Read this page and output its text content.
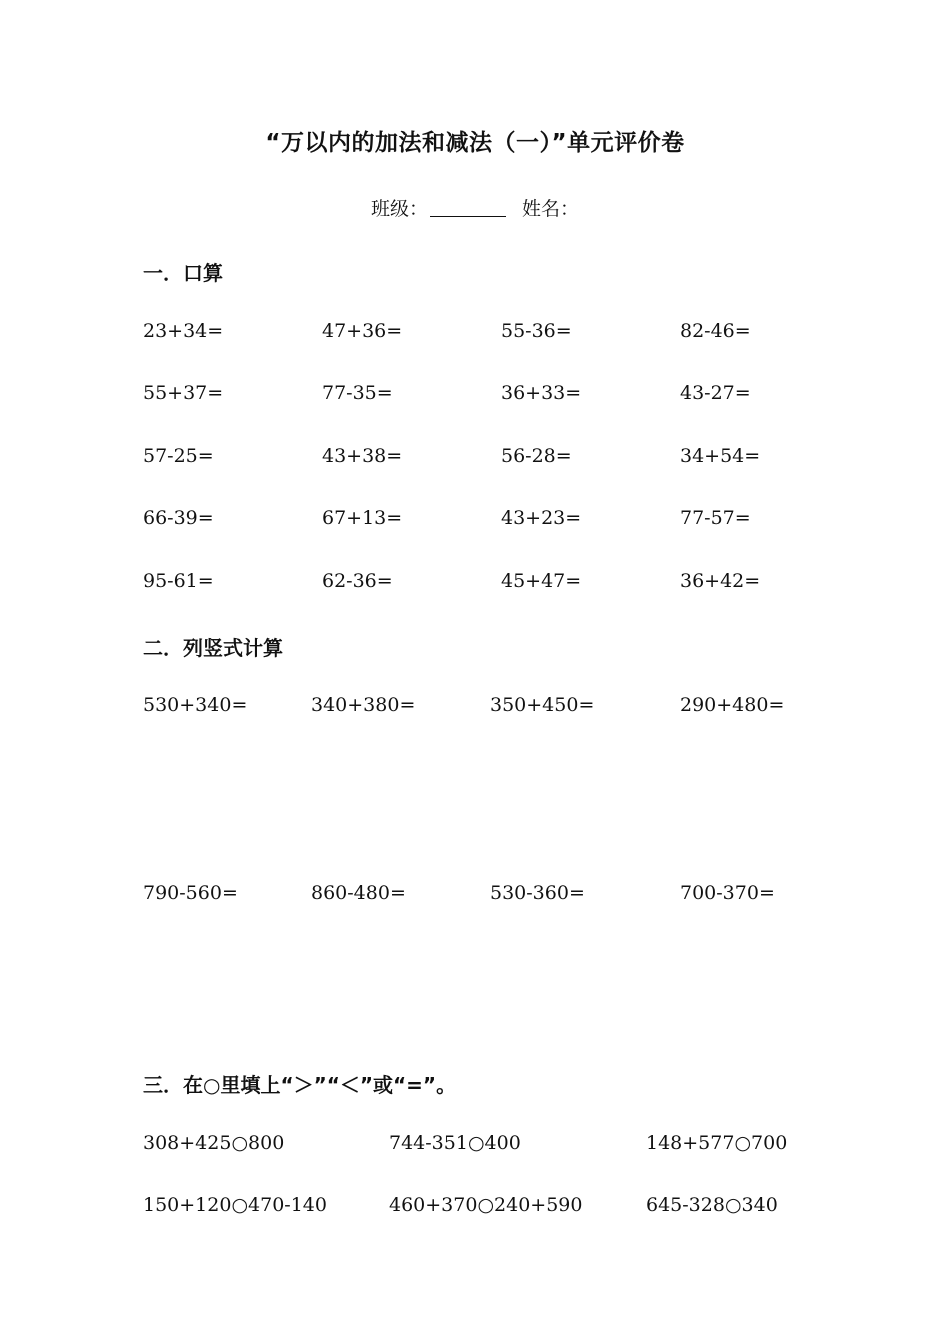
“万以内的加法和减法（一）”单元评价卷
班级：	姓名：
一．口算
23+34=	47+36=	55-36=	82-46=
55+37=	77-35=	36+33=	43-27=
57-25=	43+38=	56-28=	34+54=
66-39=	67+13=	43+23=	77-57=
95-61=	62-36=	45+47=	36+42=
二．列竖式计算
530+340=	340+380=	350+450=	290+480=
790-560=	860-480=	530-360=	700-370=
三．在○里填上“＞”“＜”或“=”。
308+425○800	744-351○400	148+577○700
150+120○470-140	460+370○240+590	645-328○340
